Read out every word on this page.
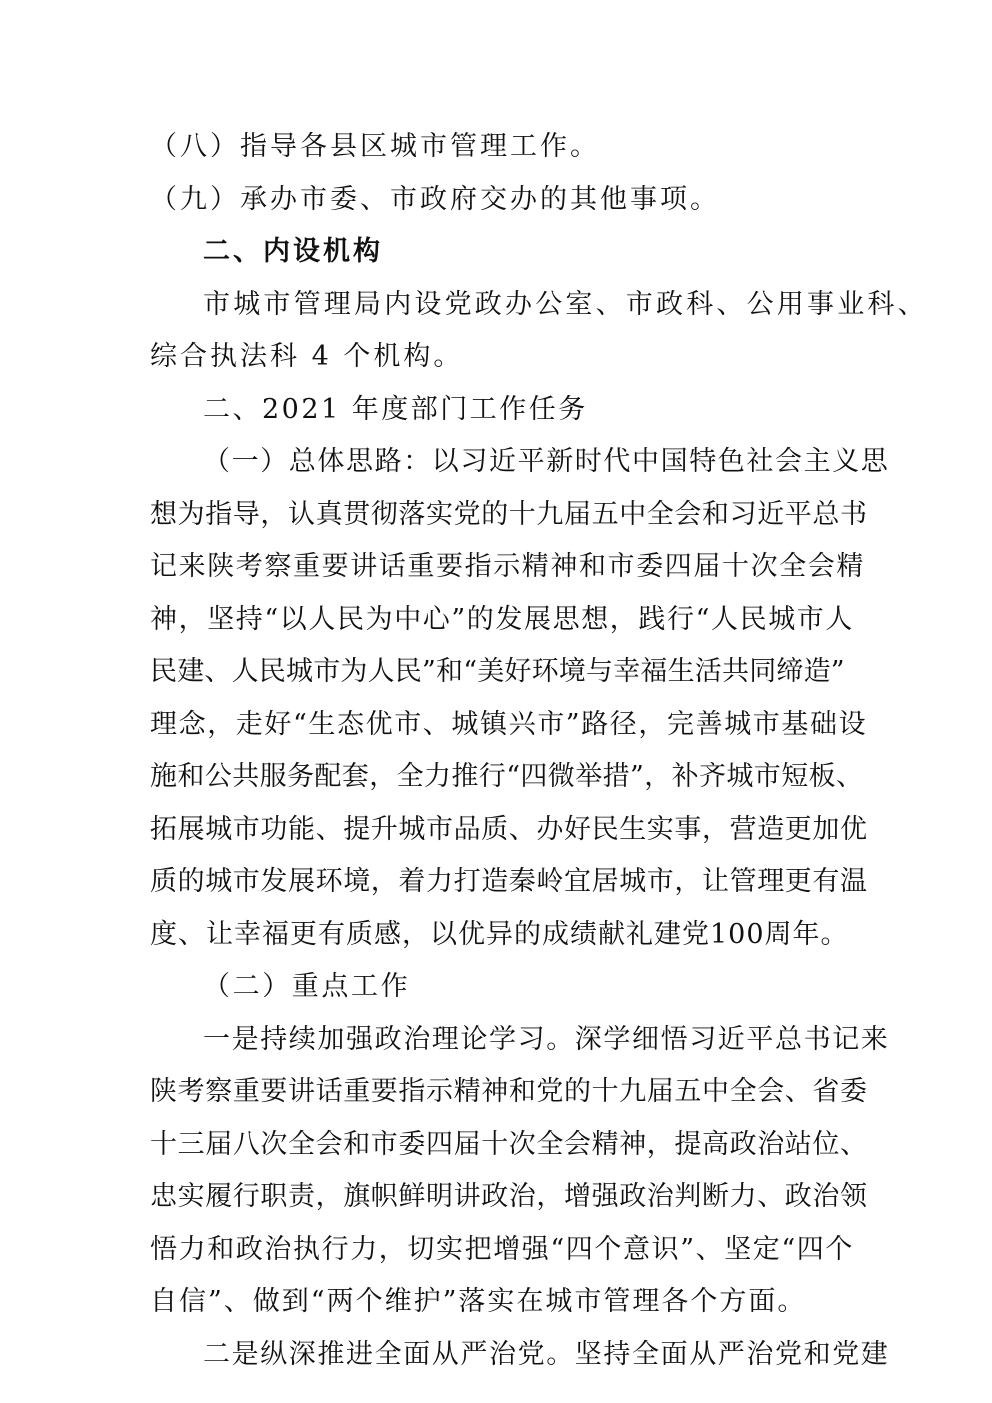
（八）指导各县区城市管理工作。
（九）承办市委、市政府交办的其他事项。
二、内设机构
市城市管理局内设党政办公室、市政科、公用事业科、
综合执法科 4 个机构。
二、2021 年度部门工作任务
（一）总体思路：以习近平新时代中国特色社会主义思
想为指导，认真贯彻落实党的十九届五中全会和习近平总书
记来陕考察重要讲话重要指示精神和市委四届十次全会精
神，坚持“以人民为中心”的发展思想，践行“人民城市人
民建、人民城市为人民”和“美好环境与幸福生活共同缔造”
理念，走好“生态优市、城镇兴市”路径，完善城市基础设
施和公共服务配套，全力推行“四微举措”，补齐城市短板、
拓展城市功能、提升城市品质、办好民生实事，营造更加优
质的城市发展环境，着力打造秦岭宜居城市，让管理更有温
度、让幸福更有质感，以优异的成绩献礼建党100周年。
（二）重点工作
一是持续加强政治理论学习。深学细悟习近平总书记来
陕考察重要讲话重要指示精神和党的十九届五中全会、省委
十三届八次全会和市委四届十次全会精神，提高政治站位、
忠实履行职责，旗帜鲜明讲政治，增强政治判断力、政治领
悟力和政治执行力，切实把增强“四个意识”、坚定“四个
自信”、做到“两个维护”落实在城市管理各个方面。
二是纵深推进全面从严治党。坚持全面从严治党和党建
